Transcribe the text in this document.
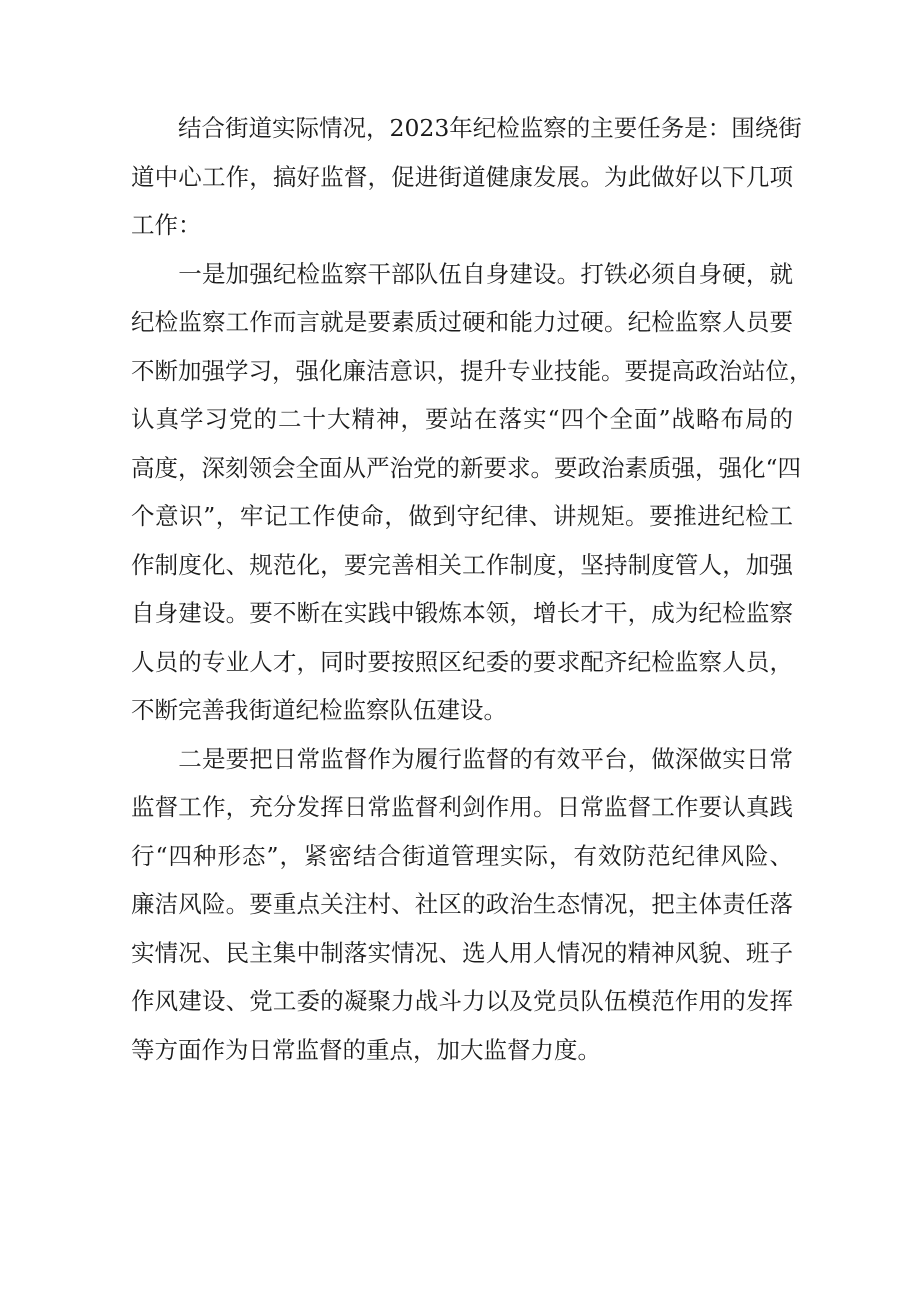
　　结合街道实际情况，2023年纪检监察的主要任务是：围绕街
道中心工作，搞好监督，促进街道健康发展。为此做好以下几项
工作：
　　一是加强纪检监察干部队伍自身建设。打铁必须自身硬，就
纪检监察工作而言就是要素质过硬和能力过硬。纪检监察人员要
不断加强学习，强化廉洁意识，提升专业技能。要提高政治站位，
认真学习党的二十大精神，要站在落实“四个全面”战略布局的
高度，深刻领会全面从严治党的新要求。要政治素质强，强化“四
个意识”，牢记工作使命，做到守纪律、讲规矩。要推进纪检工
作制度化、规范化，要完善相关工作制度，坚持制度管人，加强
自身建设。要不断在实践中锻炼本领，增长才干，成为纪检监察
人员的专业人才，同时要按照区纪委的要求配齐纪检监察人员，
不断完善我街道纪检监察队伍建设。
　　二是要把日常监督作为履行监督的有效平台，做深做实日常
监督工作，充分发挥日常监督利剑作用。日常监督工作要认真践
行“四种形态”，紧密结合街道管理实际，有效防范纪律风险、
廉洁风险。要重点关注村、社区的政治生态情况，把主体责任落
实情况、民主集中制落实情况、选人用人情况的精神风貌、班子
作风建设、党工委的凝聚力战斗力以及党员队伍模范作用的发挥
等方面作为日常监督的重点，加大监督力度。
